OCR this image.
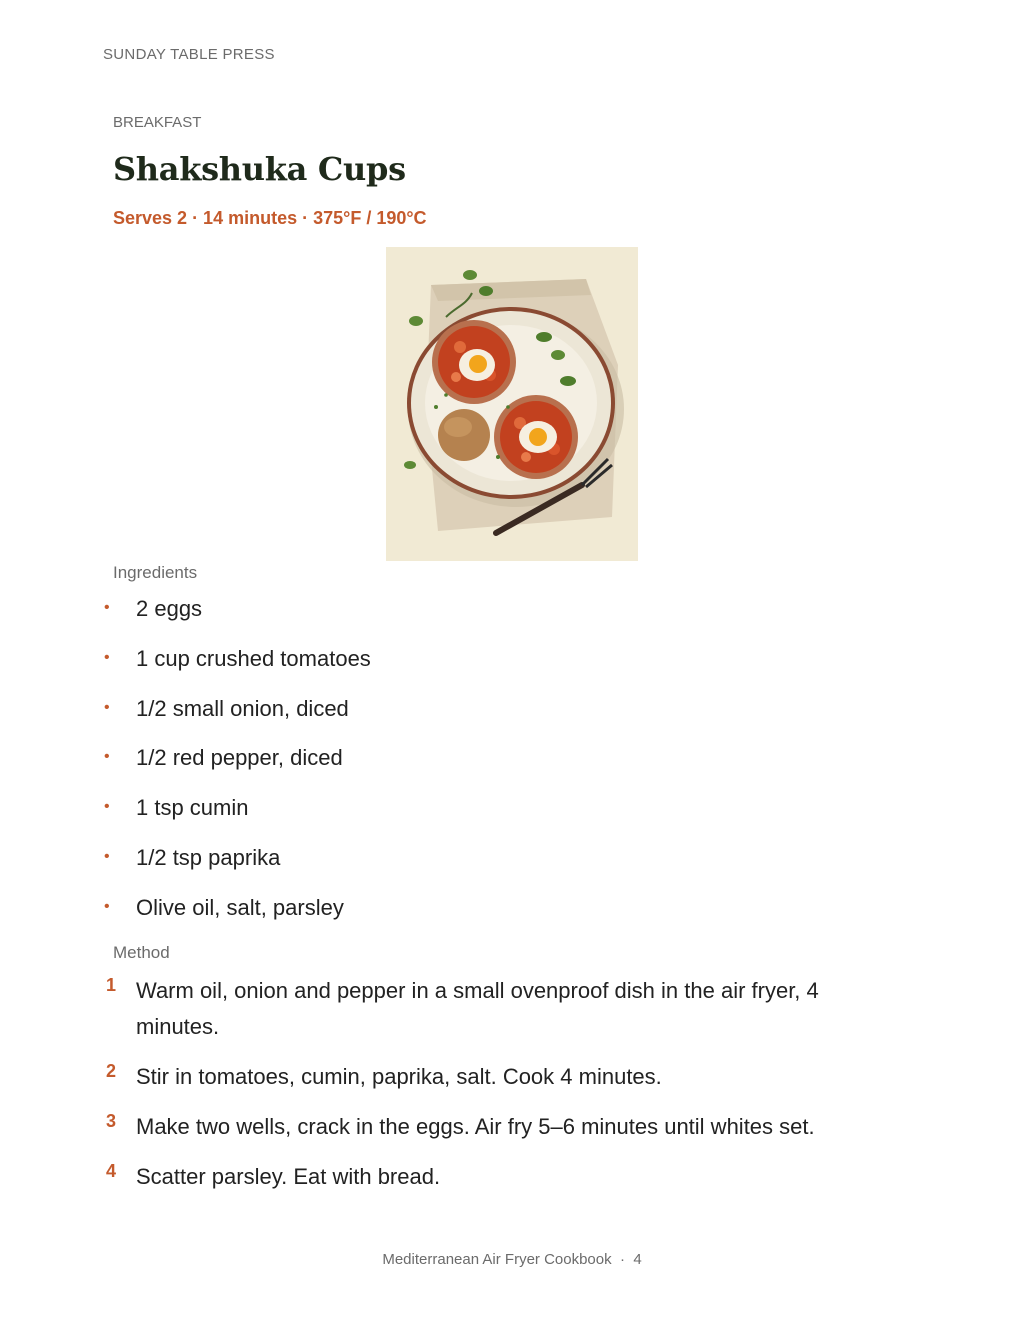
SUNDAY TABLE PRESS
BREAKFAST
Shakshuka Cups
Serves 2 · 14 minutes · 375°F / 190°C
Ingredients
• 2 eggs
• 1 cup crushed tomatoes
• 1/2 small onion, diced
• 1/2 red pepper, diced
• 1 tsp cumin
• 1/2 tsp paprika
• Olive oil, salt, parsley
Method
1 Warm oil, onion and pepper in a small ovenproof dish in the air fryer, 4 minutes.
2 Stir in tomatoes, cumin, paprika, salt. Cook 4 minutes.
3 Make two wells, crack in the eggs. Air fry 5–6 minutes until whites set.
4 Scatter parsley. Eat with bread.
Mediterranean Air Fryer Cookbook · 4
